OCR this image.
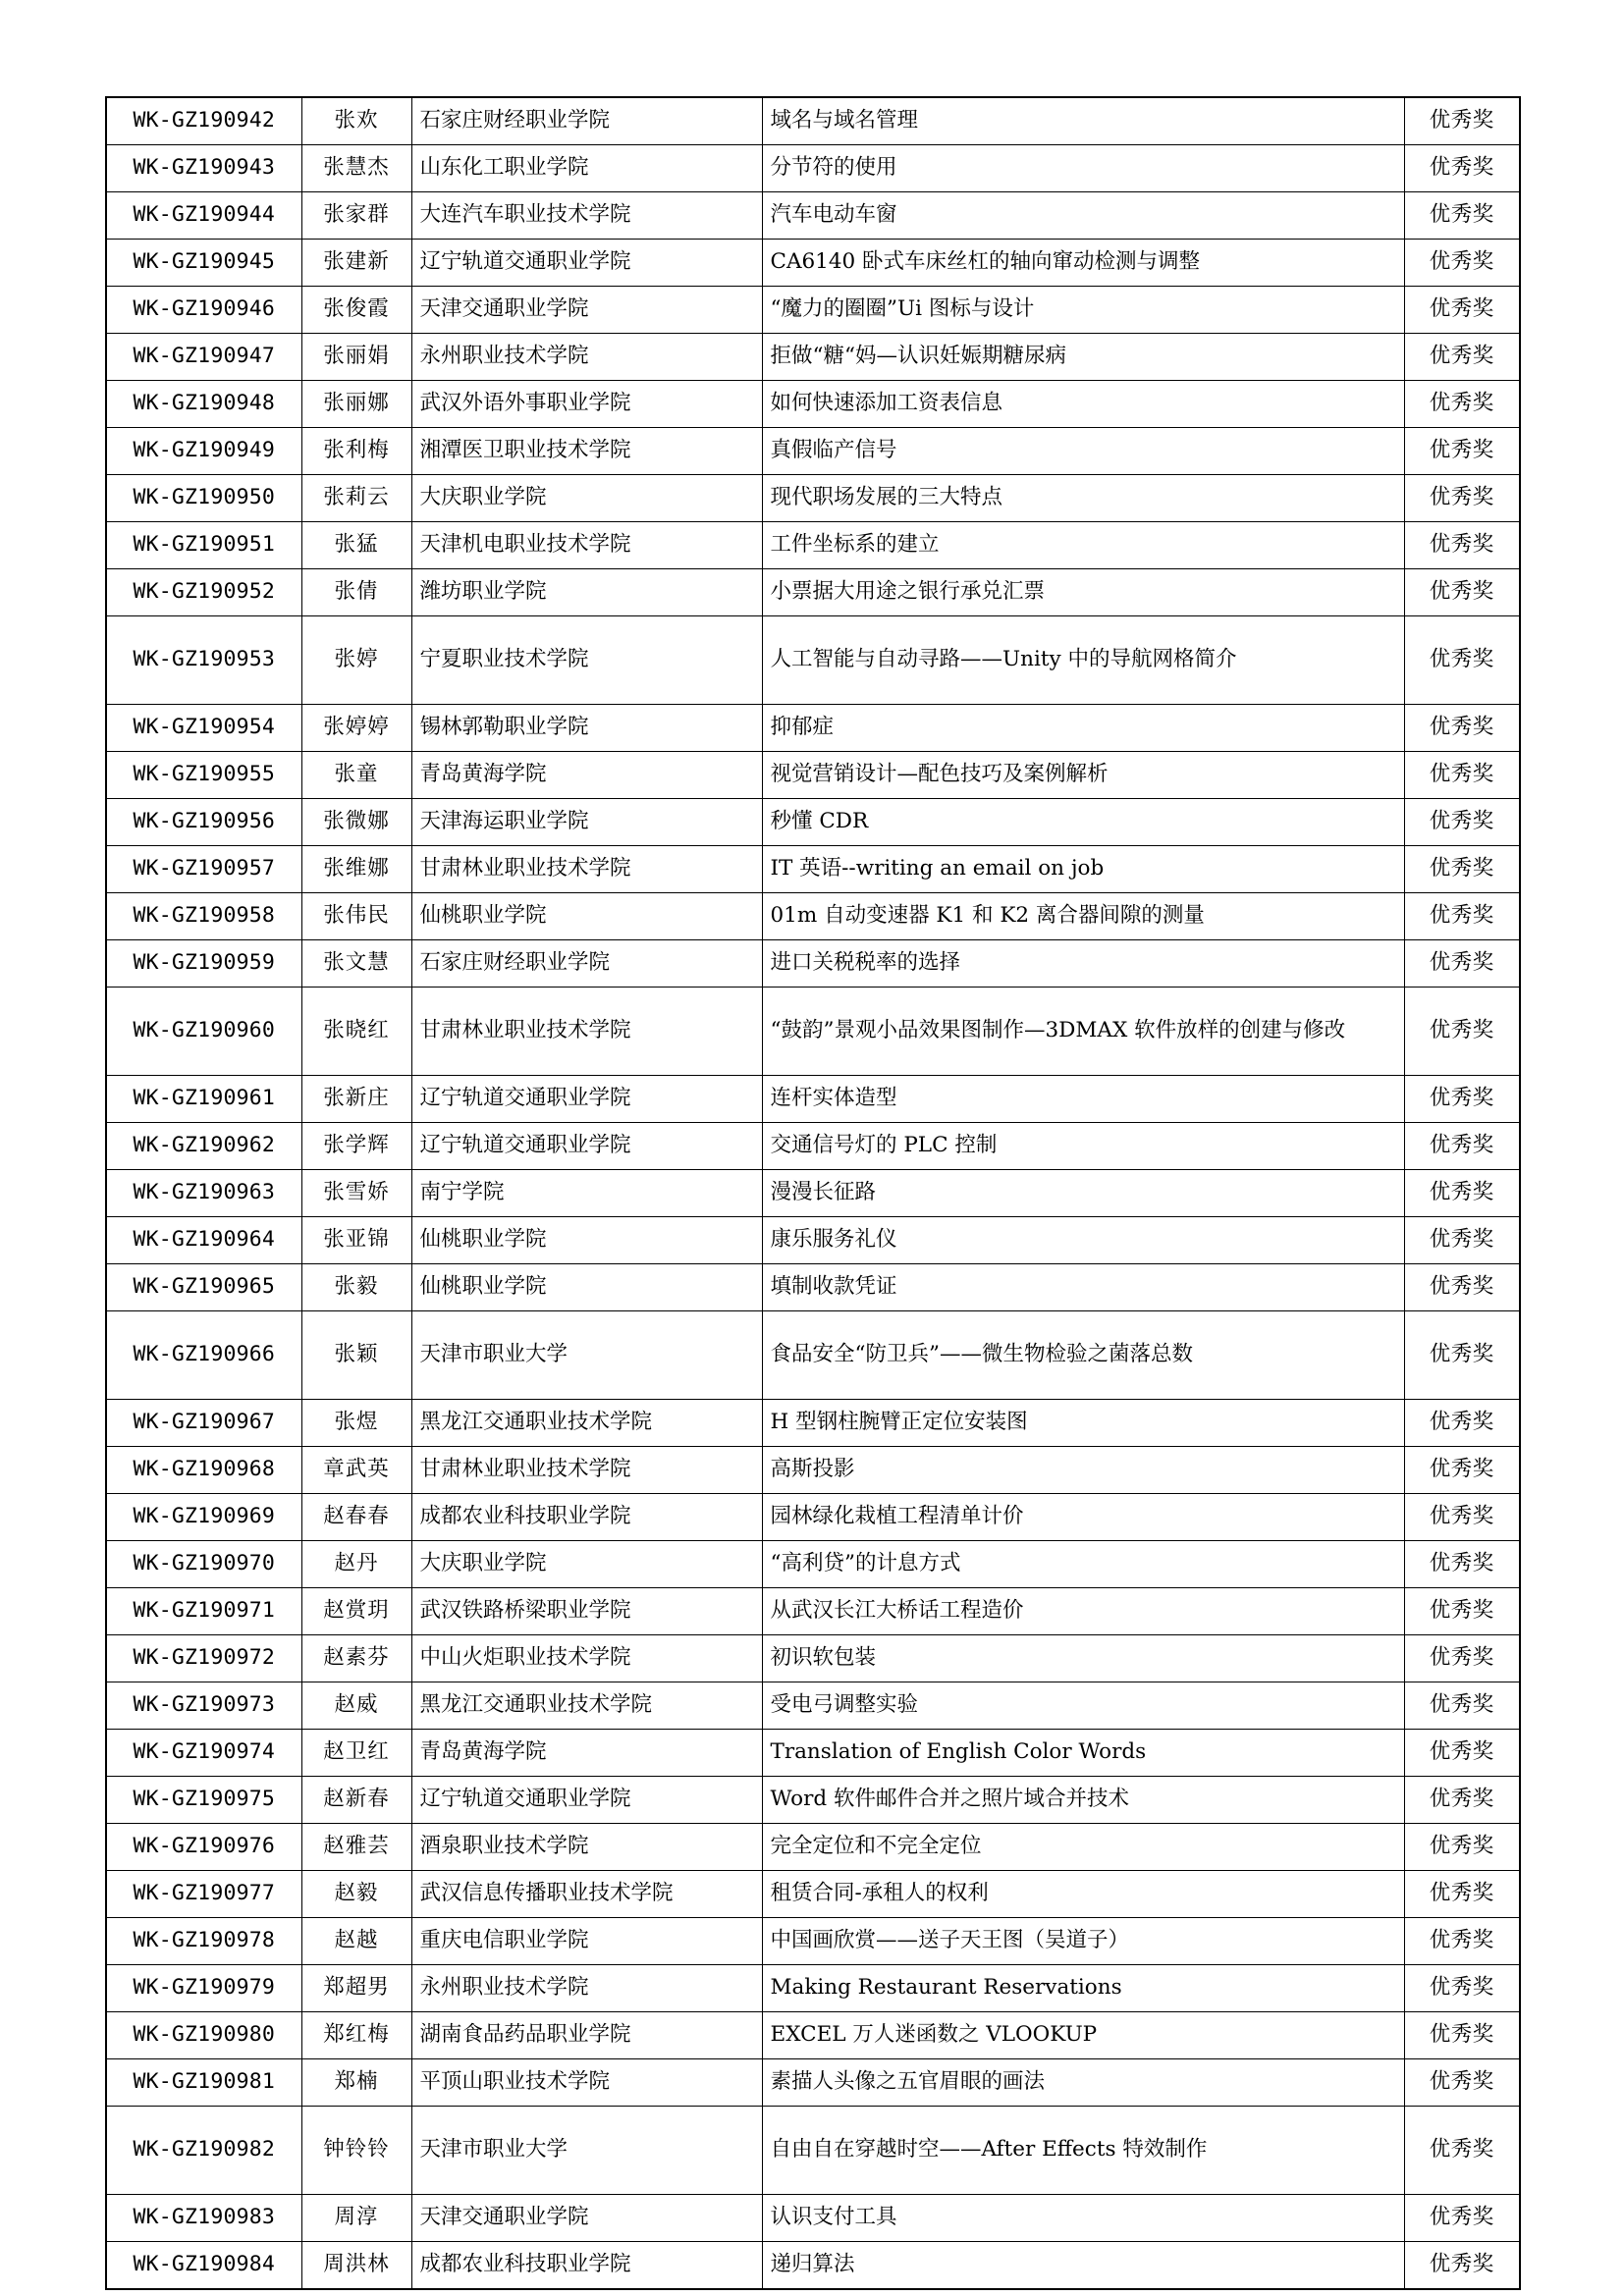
WK-GZ190942	张欢	石家庄财经职业学院	域名与域名管理	优秀奖
WK-GZ190943	张慧杰	山东化工职业学院	分节符的使用	优秀奖
WK-GZ190944	张家群	大连汽车职业技术学院	汽车电动车窗	优秀奖
WK-GZ190945	张建新	辽宁轨道交通职业学院	CA6140 卧式车床丝杠的轴向窜动检测与调整	优秀奖
WK-GZ190946	张俊霞	天津交通职业学院	“魔力的圈圈”Ui 图标与设计	优秀奖
WK-GZ190947	张丽娟	永州职业技术学院	拒做“糖“妈—认识妊娠期糖尿病	优秀奖
WK-GZ190948	张丽娜	武汉外语外事职业学院	如何快速添加工资表信息	优秀奖
WK-GZ190949	张利梅	湘潭医卫职业技术学院	真假临产信号	优秀奖
WK-GZ190950	张莉云	大庆职业学院	现代职场发展的三大特点	优秀奖
WK-GZ190951	张猛	天津机电职业技术学院	工件坐标系的建立	优秀奖
WK-GZ190952	张倩	潍坊职业学院	小票据大用途之银行承兑汇票	优秀奖
WK-GZ190953	张婷	宁夏职业技术学院	人工智能与自动寻路——Unity 中的导航网格简介	优秀奖
WK-GZ190954	张婷婷	锡林郭勒职业学院	抑郁症	优秀奖
WK-GZ190955	张童	青岛黄海学院	视觉营销设计—配色技巧及案例解析	优秀奖
WK-GZ190956	张微娜	天津海运职业学院	秒懂 CDR	优秀奖
WK-GZ190957	张维娜	甘肃林业职业技术学院	IT 英语--writing an email on job	优秀奖
WK-GZ190958	张伟民	仙桃职业学院	01m 自动变速器 K1 和 K2 离合器间隙的测量	优秀奖
WK-GZ190959	张文慧	石家庄财经职业学院	进口关税税率的选择	优秀奖
WK-GZ190960	张晓红	甘肃林业职业技术学院	“鼓韵”景观小品效果图制作—3DMAX 软件放样的创建与修改	优秀奖
WK-GZ190961	张新庄	辽宁轨道交通职业学院	连杆实体造型	优秀奖
WK-GZ190962	张学辉	辽宁轨道交通职业学院	交通信号灯的 PLC 控制	优秀奖
WK-GZ190963	张雪娇	南宁学院	漫漫长征路	优秀奖
WK-GZ190964	张亚锦	仙桃职业学院	康乐服务礼仪	优秀奖
WK-GZ190965	张毅	仙桃职业学院	填制收款凭证	优秀奖
WK-GZ190966	张颖	天津市职业大学	食品安全“防卫兵”——微生物检验之菌落总数	优秀奖
WK-GZ190967	张煜	黑龙江交通职业技术学院	H 型钢柱腕臂正定位安装图	优秀奖
WK-GZ190968	章武英	甘肃林业职业技术学院	高斯投影	优秀奖
WK-GZ190969	赵春春	成都农业科技职业学院	园林绿化栽植工程清单计价	优秀奖
WK-GZ190970	赵丹	大庆职业学院	“高利贷”的计息方式	优秀奖
WK-GZ190971	赵赏玥	武汉铁路桥梁职业学院	从武汉长江大桥话工程造价	优秀奖
WK-GZ190972	赵素芬	中山火炬职业技术学院	初识软包装	优秀奖
WK-GZ190973	赵威	黑龙江交通职业技术学院	受电弓调整实验	优秀奖
WK-GZ190974	赵卫红	青岛黄海学院	Translation of English Color Words	优秀奖
WK-GZ190975	赵新春	辽宁轨道交通职业学院	Word 软件邮件合并之照片域合并技术	优秀奖
WK-GZ190976	赵雅芸	酒泉职业技术学院	完全定位和不完全定位	优秀奖
WK-GZ190977	赵毅	武汉信息传播职业技术学院	租赁合同-承租人的权利	优秀奖
WK-GZ190978	赵越	重庆电信职业学院	中国画欣赏——送子天王图（吴道子）	优秀奖
WK-GZ190979	郑超男	永州职业技术学院	Making Restaurant Reservations	优秀奖
WK-GZ190980	郑红梅	湖南食品药品职业学院	EXCEL 万人迷函数之 VLOOKUP	优秀奖
WK-GZ190981	郑楠	平顶山职业技术学院	素描人头像之五官眉眼的画法	优秀奖
WK-GZ190982	钟铃铃	天津市职业大学	自由自在穿越时空——After Effects 特效制作	优秀奖
WK-GZ190983	周淳	天津交通职业学院	认识支付工具	优秀奖
WK-GZ190984	周洪林	成都农业科技职业学院	递归算法	优秀奖
